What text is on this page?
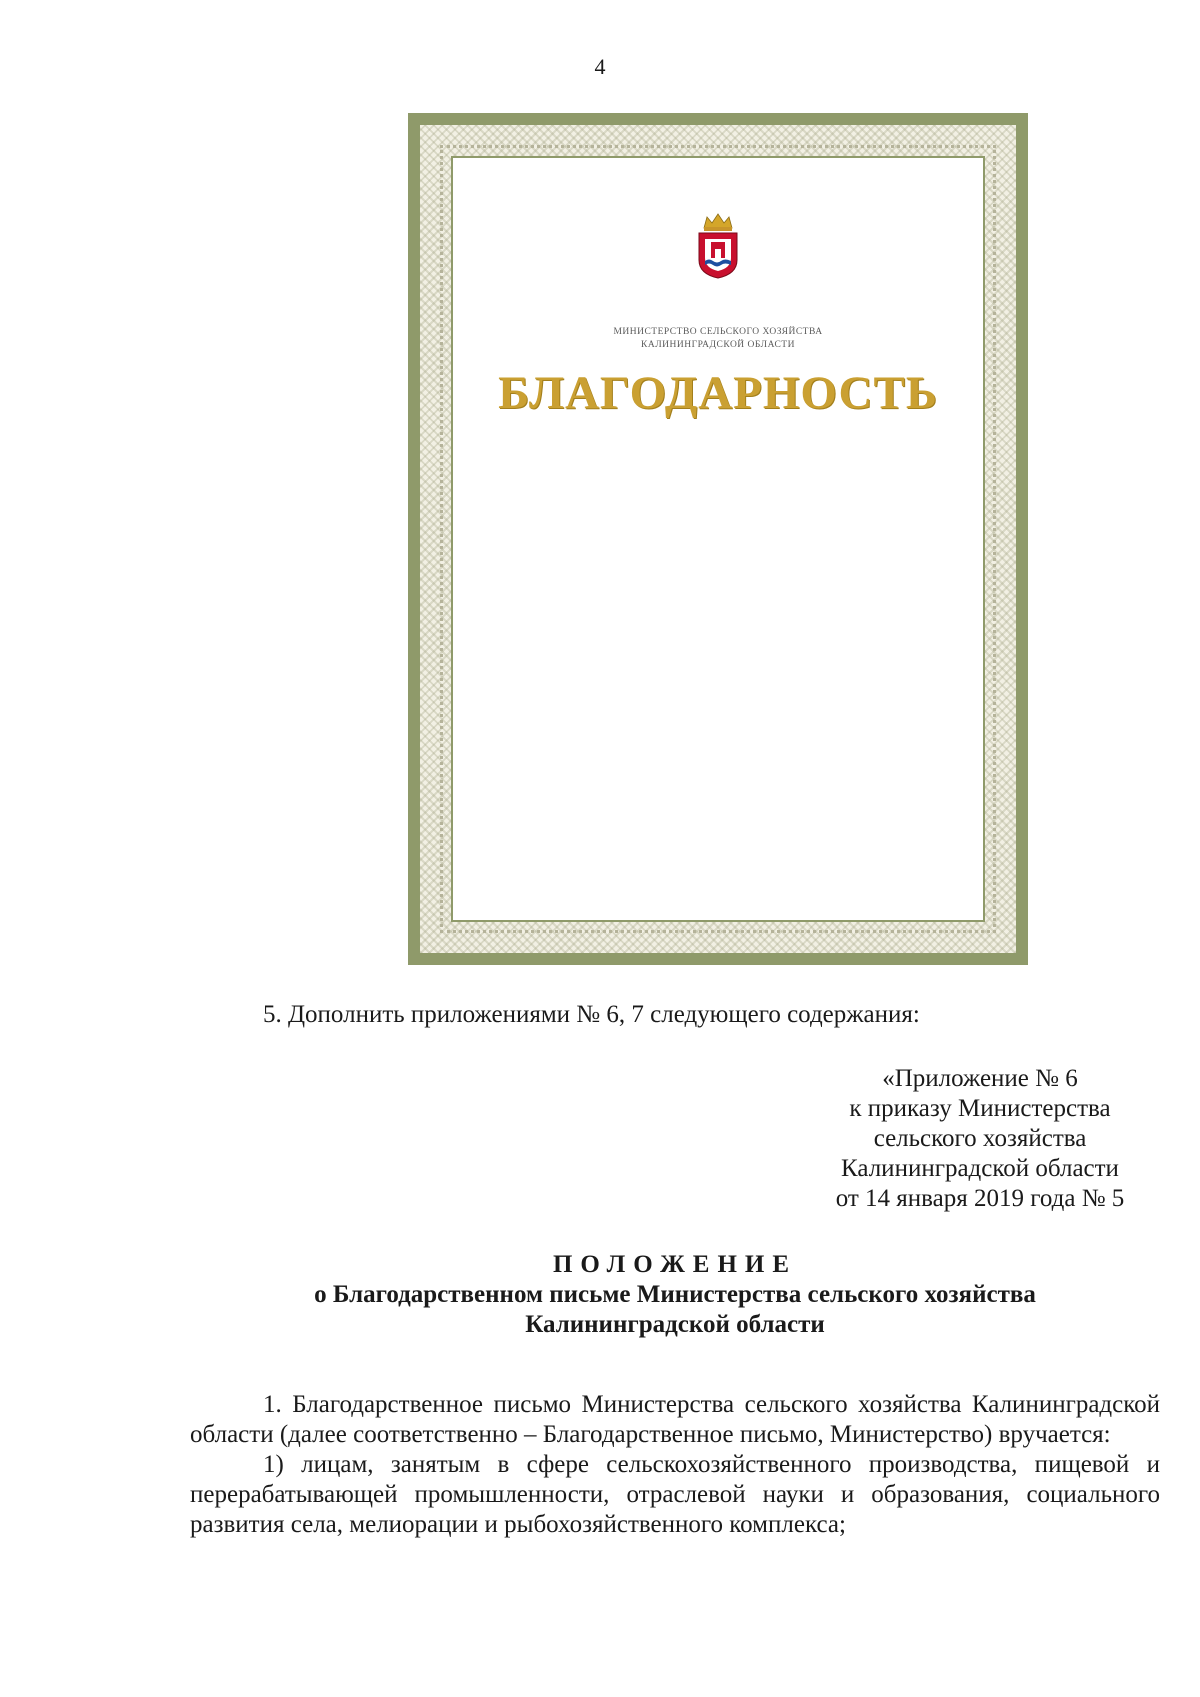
4
МИНИСТЕРСТВО СЕЛЬСКОГО ХОЗЯЙСТВА
КАЛИНИНГРАДСКОЙ ОБЛАСТИ
БЛАГОДАРНОСТЬ
5. Дополнить приложениями № 6, 7 следующего содержания:
«Приложение № 6
к приказу Министерства
сельского хозяйства
Калининградской области
от 14 января 2019 года № 5
ПОЛОЖЕНИЕ
о Благодарственном письме Министерства сельского хозяйства
Калининградской области

1. Благодарственное письмо Министерства сельского хозяйства Калининградской области (далее соответственно – Благодарственное письмо, Министерство) вручается:

1) лицам, занятым в сфере сельскохозяйственного производства, пищевой и перерабатывающей промышленности, отраслевой науки и образования, социального развития села, мелиорации и рыбохозяйственного комплекса;
